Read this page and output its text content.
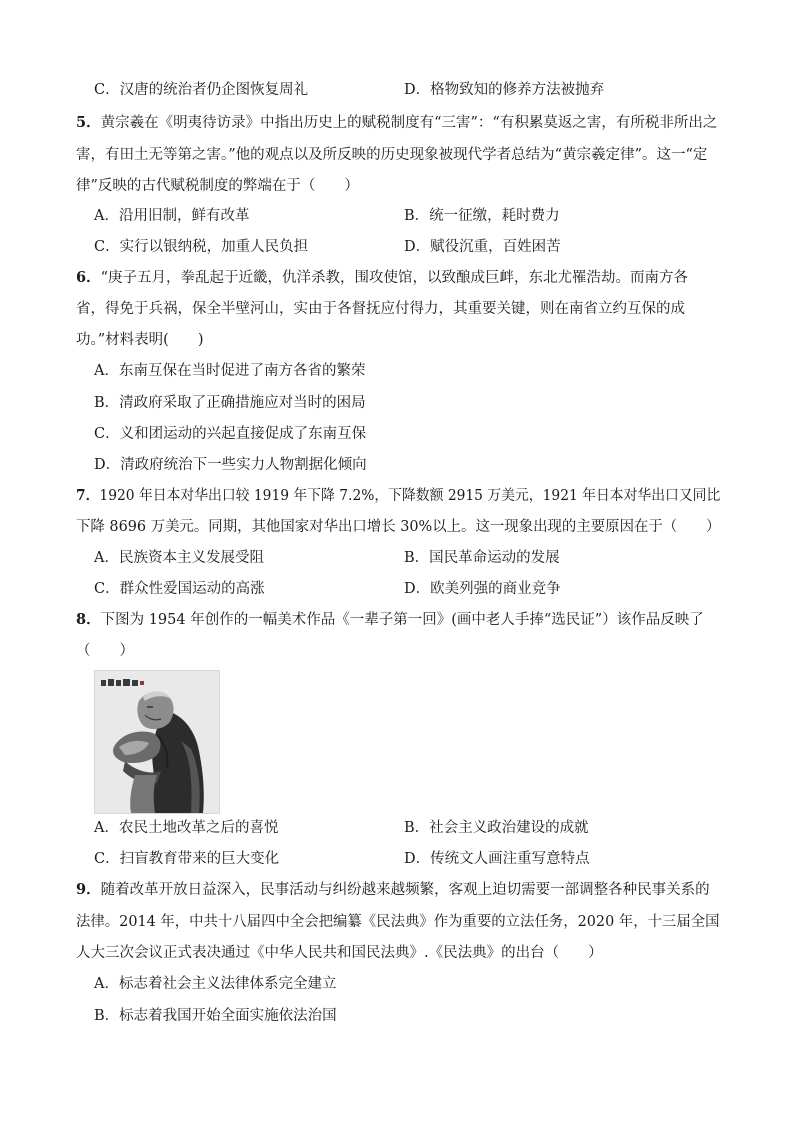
C．汉唐的统治者仍企图恢复周礼	D．格物致知的修养方法被抛弃
5．黄宗羲在《明夷待访录》中指出历史上的赋税制度有“三害”：“有积累莫返之害，有所税非所出之
害，有田土无等第之害。”他的观点以及所反映的历史现象被现代学者总结为“黄宗羲定律”。这一“定
律”反映的古代赋税制度的弊端在于（　　）
A．沿用旧制，鲜有改革	B．统一征缴，耗时费力
C．实行以银纳税，加重人民负担	D．赋役沉重，百姓困苦
6．“庚子五月，拳乱起于近畿，仇洋杀教，围攻使馆，以致酿成巨衅，东北尤罹浩劫。而南方各
省，得免于兵祸，保全半壁河山，实由于各督抚应付得力，其重要关键，则在南省立约互保的成
功。”材料表明(　　)
A．东南互保在当时促进了南方各省的繁荣
B．清政府采取了正确措施应对当时的困局
C．义和团运动的兴起直接促成了东南互保
D．清政府统治下一些实力人物割据化倾向
7．1920 年日本对华出口较 1919 年下降 7.2%，下降数额 2915 万美元，1921 年日本对华出口又同比
下降 8696 万美元。同期，其他国家对华出口增长 30%以上。这一现象出现的主要原因在于（　　）
A．民族资本主义发展受阻	B．国民革命运动的发展
C．群众性爱国运动的高涨	D．欧美列强的商业竞争
8．下图为 1954 年创作的一幅美术作品《一辈子第一回》(画中老人手捧“选民证”）该作品反映了
（　　）
A．农民土地改革之后的喜悦	B．社会主义政治建设的成就
C．扫盲教育带来的巨大变化	D．传统文人画注重写意特点
9．随着改革开放日益深入，民事活动与纠纷越来越频繁，客观上迫切需要一部调整各种民事关系的
法律。2014 年，中共十八届四中全会把编纂《民法典》作为重要的立法任务，2020 年，十三届全国
人大三次会议正式表决通过《中华人民共和国民法典》.《民法典》的出台（　　）
A．标志着社会主义法律体系完全建立
B．标志着我国开始全面实施依法治国
